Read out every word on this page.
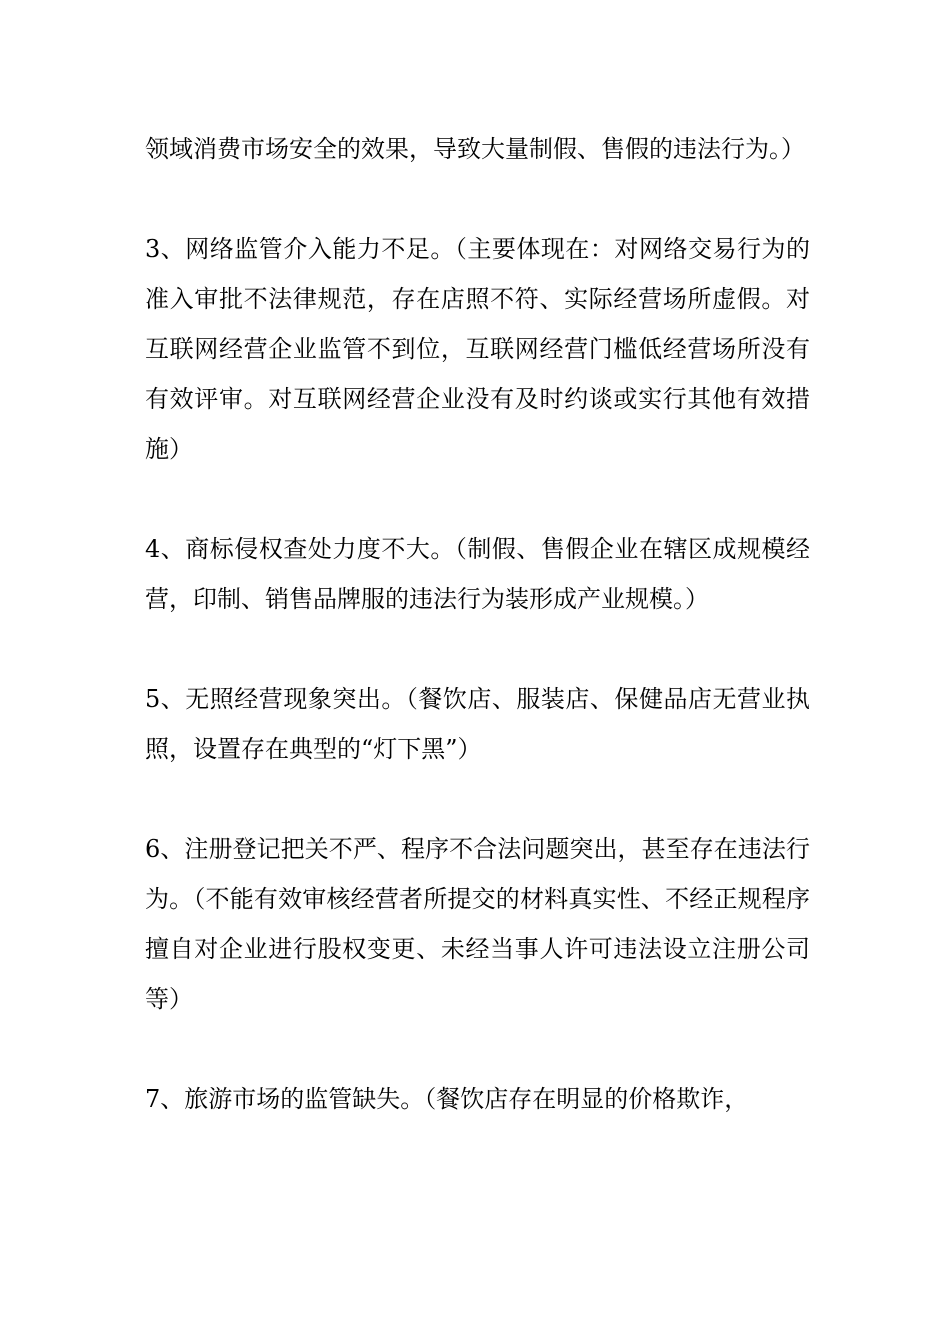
领域消费市场安全的效果，导致大量制假、售假的违法行为。）

3、网络监管介入能力不足。（主要体现在：对网络交易行为的准入审批不法律规范，存在店照不符、实际经营场所虚假。对互联网经营企业监管不到位，互联网经营门槛低经营场所没有有效评审。对互联网经营企业没有及时约谈或实行其他有效措施）

4、商标侵权查处力度不大。（制假、售假企业在辖区成规模经营，印制、销售品牌服的违法行为装形成产业规模。）

5、无照经营现象突出。（餐饮店、服装店、保健品店无营业执照，设置存在典型的“灯下黑”）

6、注册登记把关不严、程序不合法问题突出，甚至存在违法行为。（不能有效审核经营者所提交的材料真实性、不经正规程序擅自对企业进行股权变更、未经当事人许可违法设立注册公司等）

7、旅游市场的监管缺失。（餐饮店存在明显的价格欺诈，
